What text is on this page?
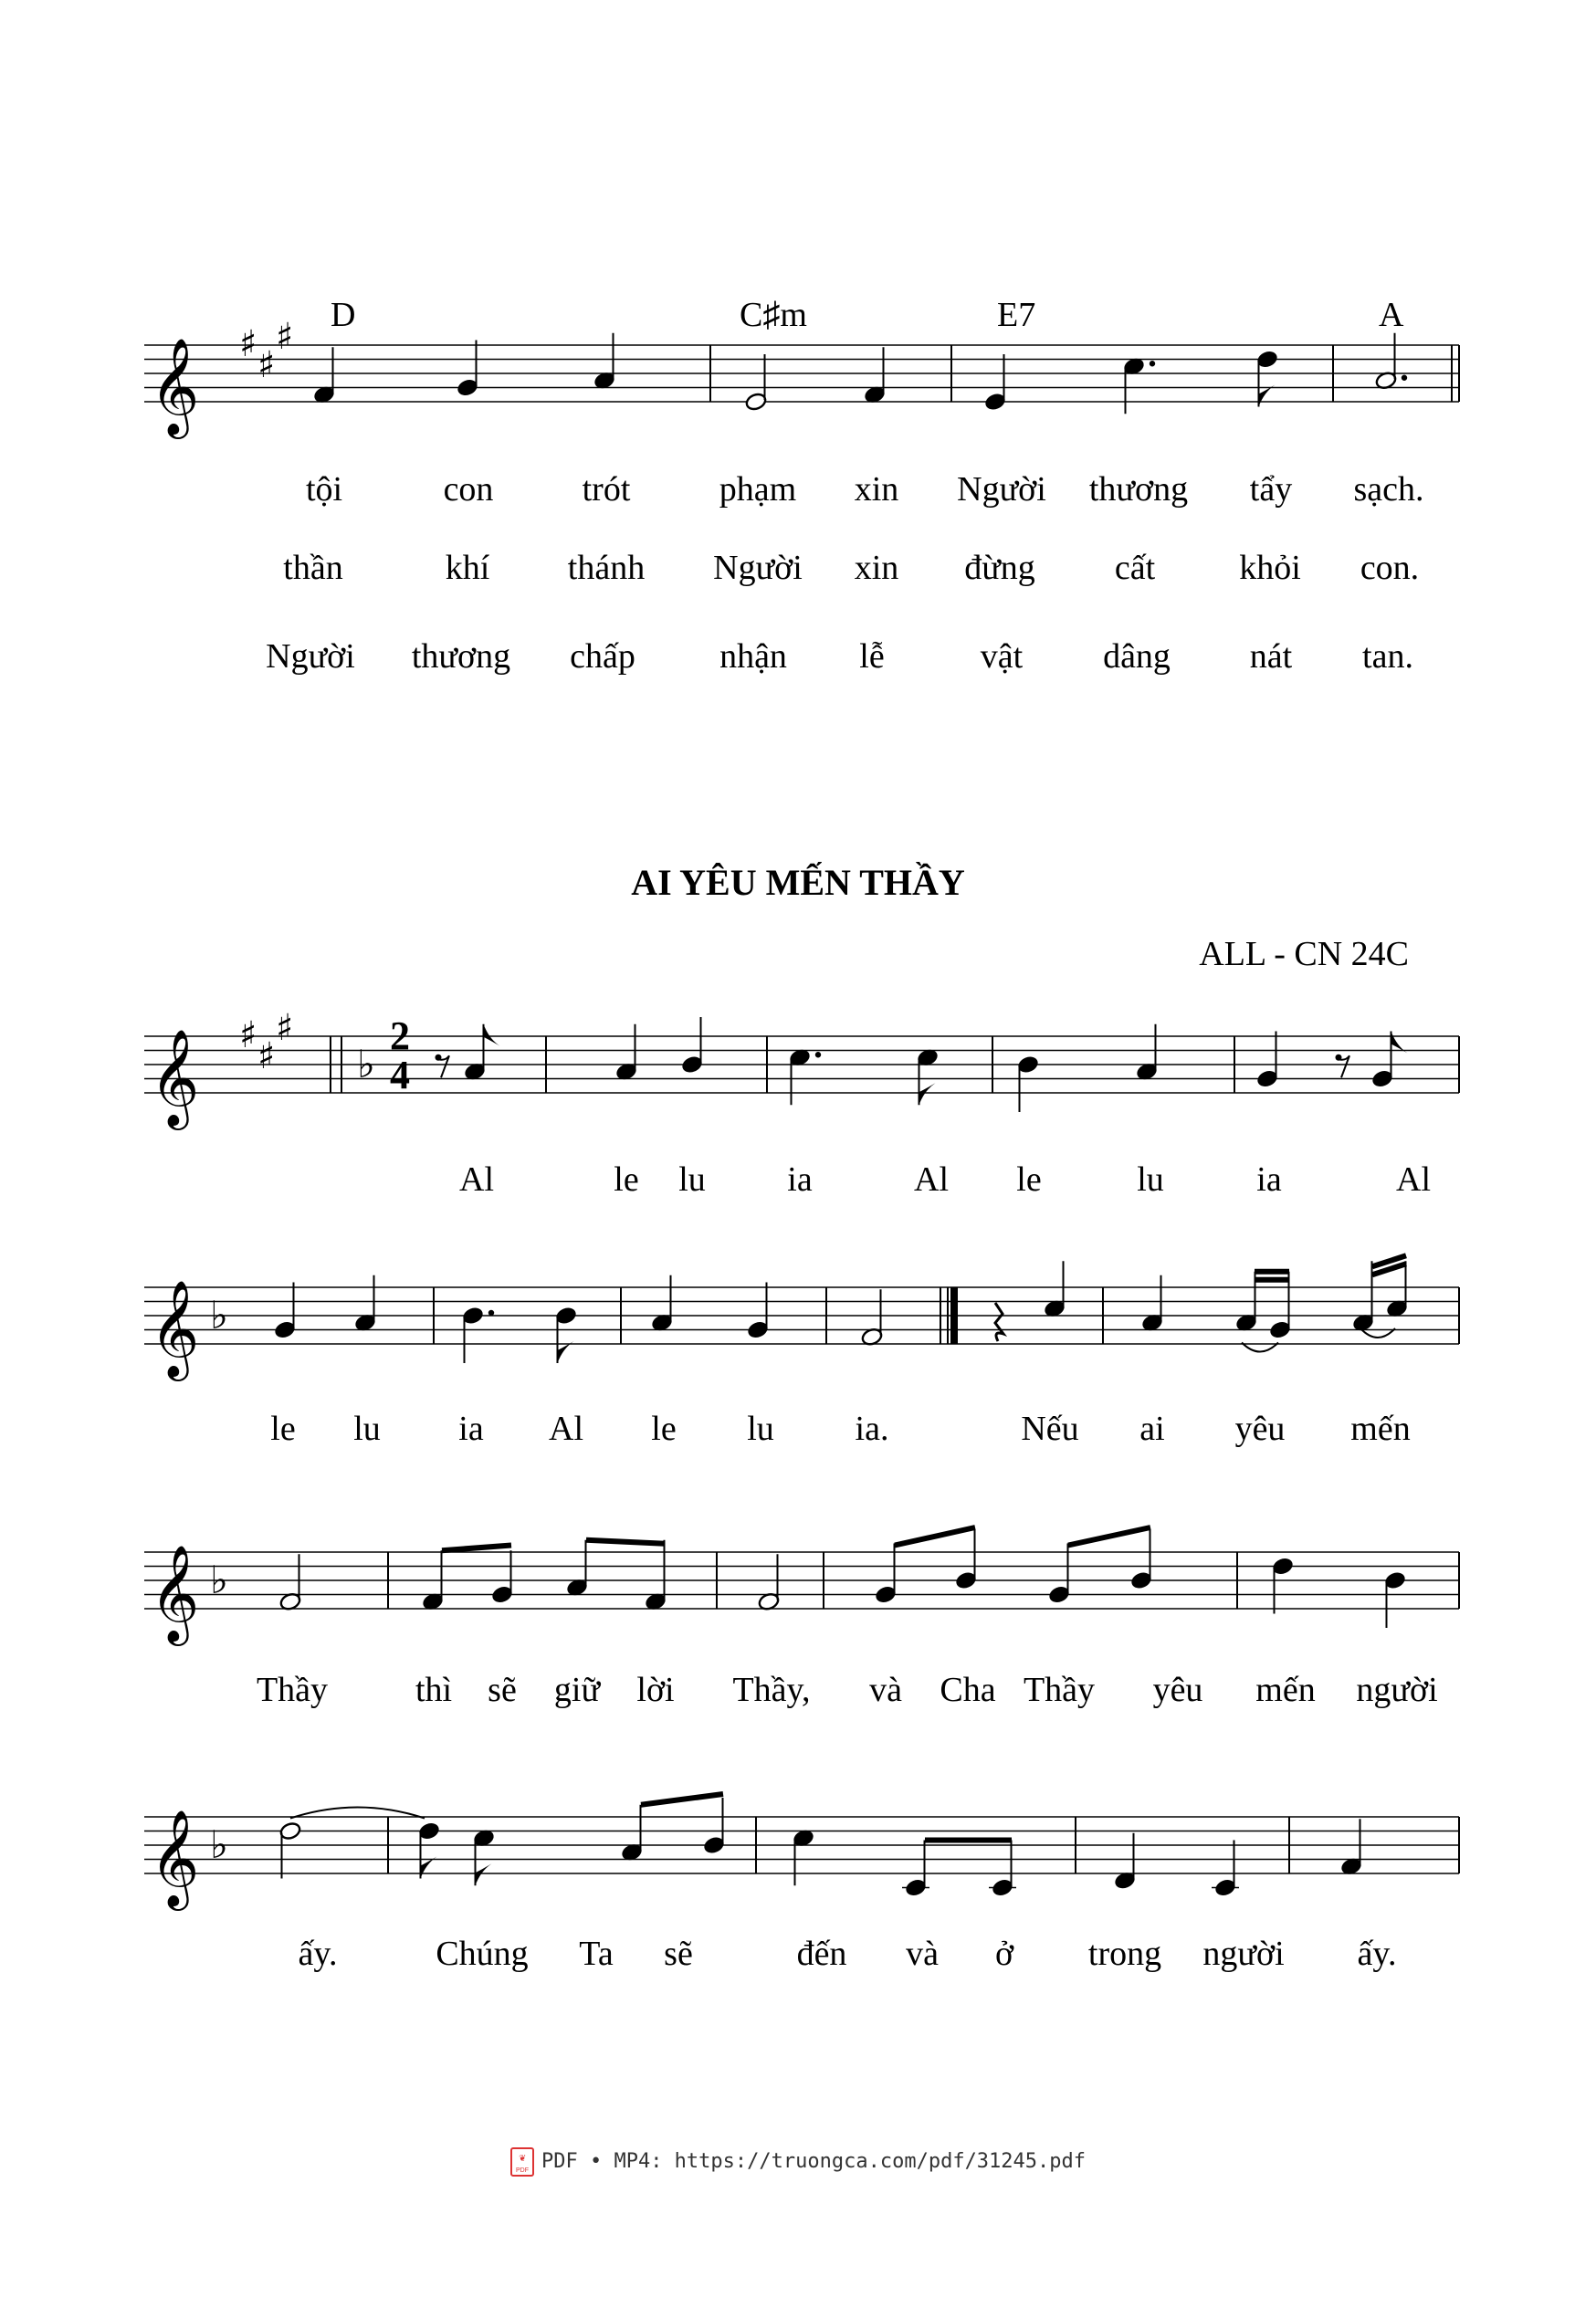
D	C♯m	E7	A
AI YÊU MẾN THẦY
ALL - CN 24C
2
4
tội	con	trót	phạm xin Người thương tẩy sạch.
thần	khí thánh Người xin đừng cất khỏi con.
Người thương chấp nhận lễ	vật dâng nát tan.
Al	le lu ia	Al le	lu	ia	Al
le lu ia Al le lu ia.	Nếu ai yêu mến
Thầy	thì sẽ giữ lời Thầy, và Cha Thầy yêu mến người
ấy.	Chúng Ta sẽ	đến và ở trong người ấy.
𝄞 ♯ ♯
♯
𝄞 ♯ ♯
♯
♭
𝄞 ♭
𝄞 ♭
𝄞 ♭
❦ PDFPDF • MP4: https://truongca.com/pdf/31245.pdf
